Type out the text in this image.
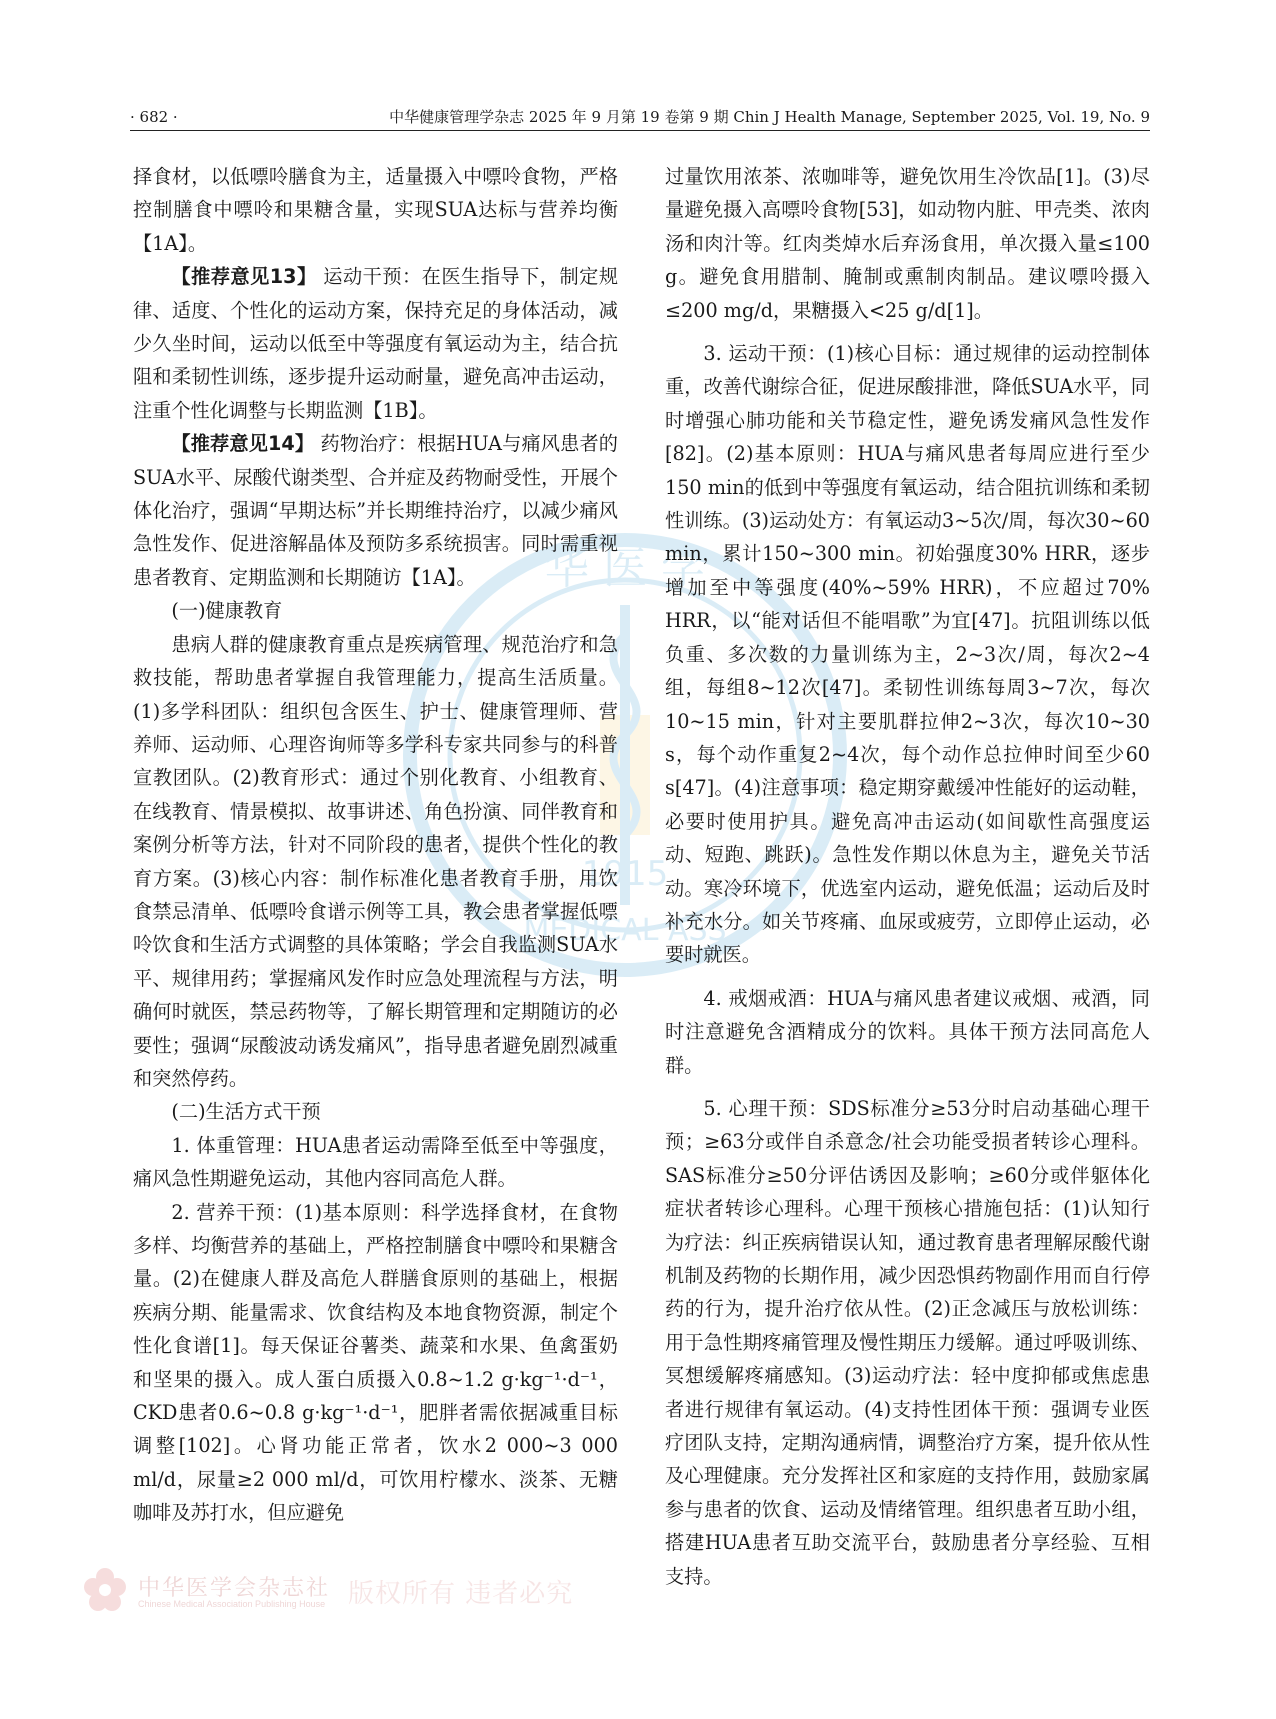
· 682 ·	中华健康管理学杂志 2025 年 9 月第 19 卷第 9 期 Chin J Health Manage, September 2025, Vol. 19, No. 9
华 医 学
1915
MEDICAL ASS

择食材，以低嘌呤膳食为主，适量摄入中嘌呤食物，严格控制膳食中嘌呤和果糖含量，实现SUA达标与营养均衡【1A】。

【推荐意见13】 运动干预：在医生指导下，制定规律、适度、个性化的运动方案，保持充足的身体活动，减少久坐时间，运动以低至中等强度有氧运动为主，结合抗阻和柔韧性训练，逐步提升运动耐量，避免高冲击运动，注重个性化调整与长期监测【1B】。

【推荐意见14】 药物治疗：根据HUA与痛风患者的SUA水平、尿酸代谢类型、合并症及药物耐受性，开展个体化治疗，强调“早期达标”并长期维持治疗，以减少痛风急性发作、促进溶解晶体及预防多系统损害。同时需重视患者教育、定期监测和长期随访【1A】。

(一)健康教育

患病人群的健康教育重点是疾病管理、规范治疗和急救技能，帮助患者掌握自我管理能力，提高生活质量。(1)多学科团队：组织包含医生、护士、健康管理师、营养师、运动师、心理咨询师等多学科专家共同参与的科普宣教团队。(2)教育形式：通过个别化教育、小组教育、在线教育、情景模拟、故事讲述、角色扮演、同伴教育和案例分析等方法，针对不同阶段的患者，提供个性化的教育方案。(3)核心内容：制作标准化患者教育手册，用饮食禁忌清单、低嘌呤食谱示例等工具，教会患者掌握低嘌呤饮食和生活方式调整的具体策略；学会自我监测SUA水平、规律用药；掌握痛风发作时应急处理流程与方法，明确何时就医，禁忌药物等，了解长期管理和定期随访的必要性；强调“尿酸波动诱发痛风”，指导患者避免剧烈减重和突然停药。

(二)生活方式干预

1. 体重管理：HUA患者运动需降至低至中等强度，痛风急性期避免运动，其他内容同高危人群。

2. 营养干预：(1)基本原则：科学选择食材，在食物多样、均衡营养的基础上，严格控制膳食中嘌呤和果糖含量。(2)在健康人群及高危人群膳食原则的基础上，根据疾病分期、能量需求、饮食结构及本地食物资源，制定个性化食谱[1]。每天保证谷薯类、蔬菜和水果、鱼禽蛋奶和坚果的摄入。成人蛋白质摄入0.8~1.2 g·kg⁻¹·d⁻¹，CKD患者0.6~0.8 g·kg⁻¹·d⁻¹，肥胖者需依据减重目标调整[102]。心肾功能正常者，饮水2 000~3 000 ml/d，尿量≥2 000 ml/d，可饮用柠檬水、淡茶、无糖咖啡及苏打水，但应避免

过量饮用浓茶、浓咖啡等，避免饮用生冷饮品[1]。(3)尽量避免摄入高嘌呤食物[53]，如动物内脏、甲壳类、浓肉汤和肉汁等。红肉类焯水后弃汤食用，单次摄入量≤100 g。避免食用腊制、腌制或熏制肉制品。建议嘌呤摄入≤200 mg/d，果糖摄入<25 g/d[1]。

3. 运动干预：(1)核心目标：通过规律的运动控制体重，改善代谢综合征，促进尿酸排泄，降低SUA水平，同时增强心肺功能和关节稳定性，避免诱发痛风急性发作[82]。(2)基本原则：HUA与痛风患者每周应进行至少150 min的低到中等强度有氧运动，结合阻抗训练和柔韧性训练。(3)运动处方：有氧运动3~5次/周，每次30~60 min，累计150~300 min。初始强度30% HRR，逐步增加至中等强度(40%~59% HRR)，不应超过70% HRR，以“能对话但不能唱歌”为宜[47]。抗阻训练以低负重、多次数的力量训练为主，2~3次/周，每次2~4组，每组8~12次[47]。柔韧性训练每周3~7次，每次10~15 min，针对主要肌群拉伸2~3次，每次10~30 s，每个动作重复2~4次，每个动作总拉伸时间至少60 s[47]。(4)注意事项：稳定期穿戴缓冲性能好的运动鞋，必要时使用护具。避免高冲击运动(如间歇性高强度运动、短跑、跳跃)。急性发作期以休息为主，避免关节活动。寒冷环境下，优选室内运动，避免低温；运动后及时补充水分。如关节疼痛、血尿或疲劳，立即停止运动，必要时就医。

4. 戒烟戒酒：HUA与痛风患者建议戒烟、戒酒，同时注意避免含酒精成分的饮料。具体干预方法同高危人群。

5. 心理干预：SDS标准分≥53分时启动基础心理干预；≥63分或伴自杀意念/社会功能受损者转诊心理科。SAS标准分≥50分评估诱因及影响；≥60分或伴躯体化症状者转诊心理科。心理干预核心措施包括：(1)认知行为疗法：纠正疾病错误认知，通过教育患者理解尿酸代谢机制及药物的长期作用，减少因恐惧药物副作用而自行停药的行为，提升治疗依从性。(2)正念减压与放松训练：用于急性期疼痛管理及慢性期压力缓解。通过呼吸训练、冥想缓解疼痛感知。(3)运动疗法：轻中度抑郁或焦虑患者进行规律有氧运动。(4)支持性团体干预：强调专业医疗团队支持，定期沟通病情，调整治疗方案，提升依从性及心理健康。充分发挥社区和家庭的支持作用，鼓励家属参与患者的饮食、运动及情绪管理。组织患者互助小组，搭建HUA患者互助交流平台，鼓励患者分享经验、互相支持。

中华医学会杂志社
Chinese Medical Association Publishing House 版权所有 违者必究
